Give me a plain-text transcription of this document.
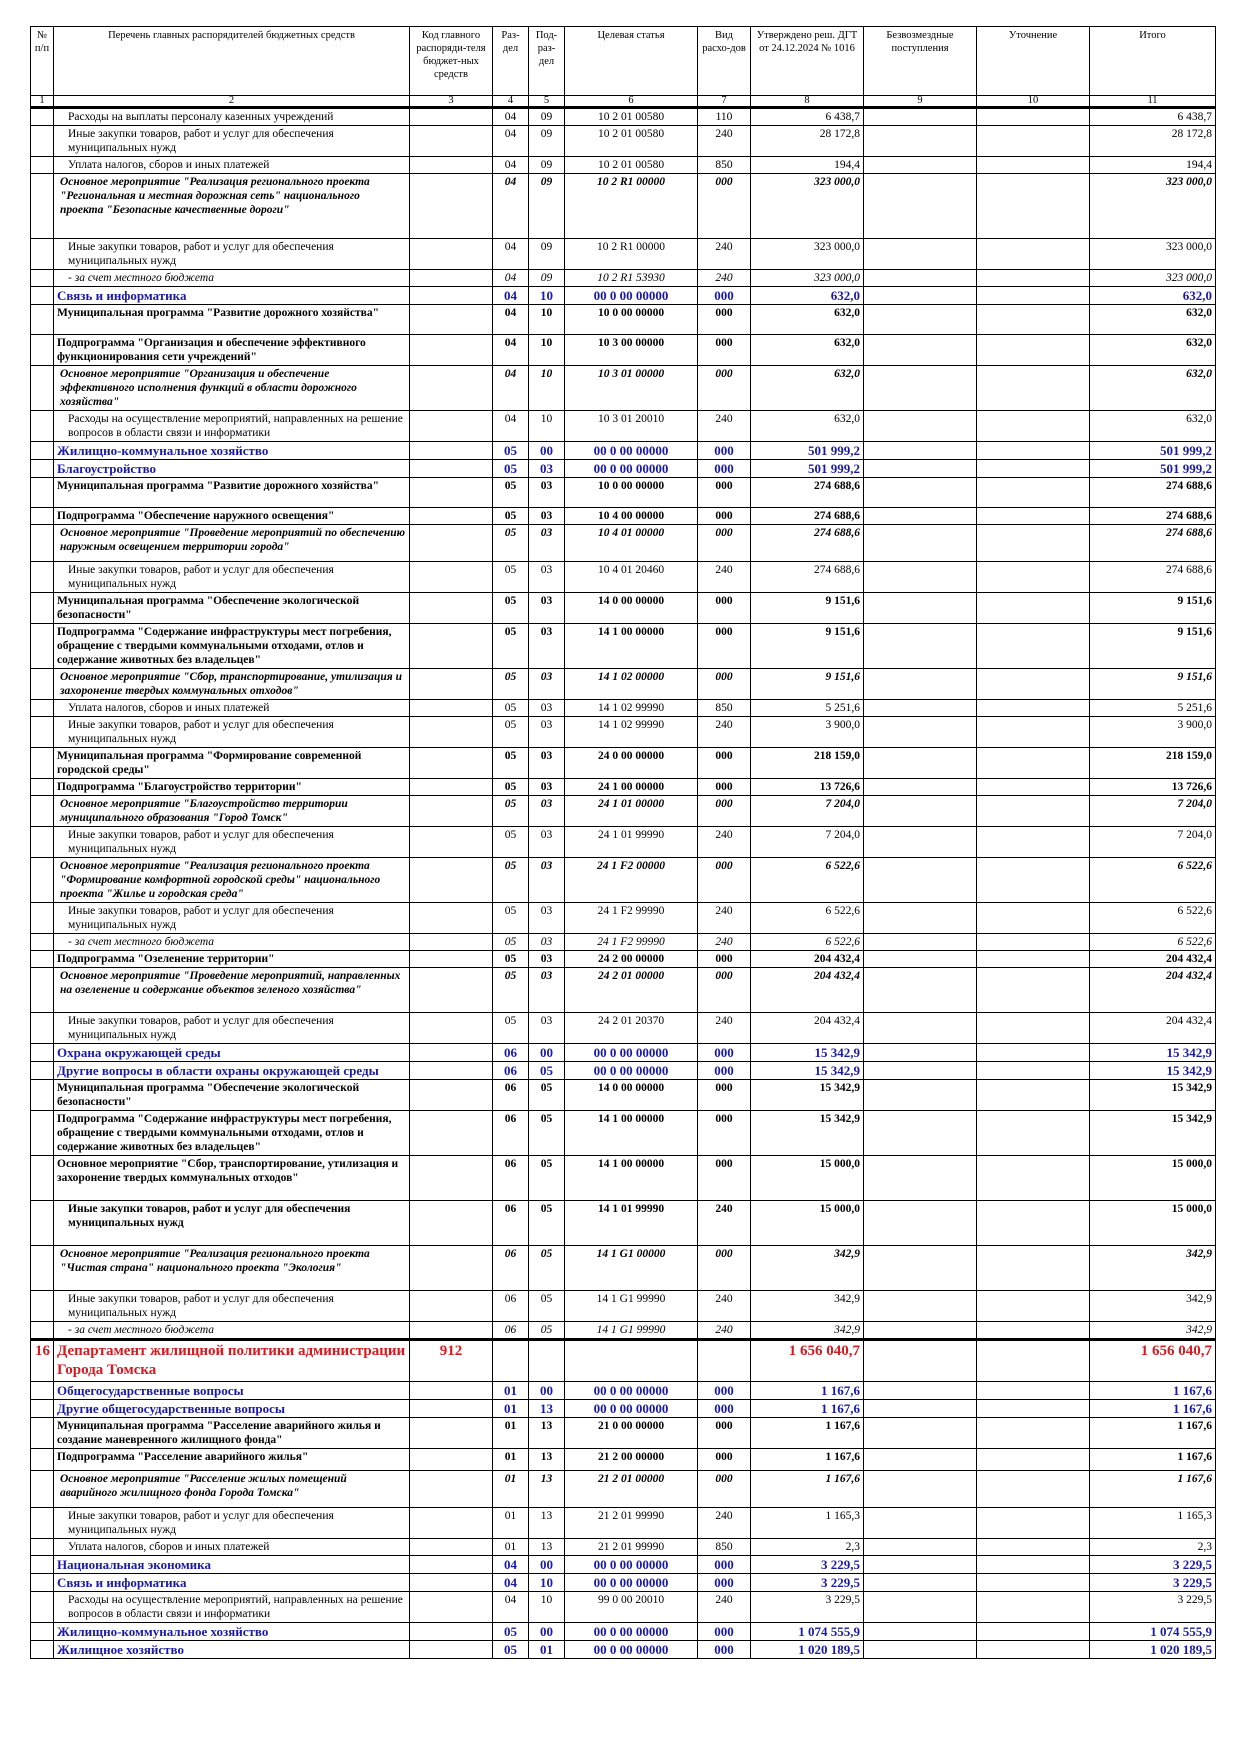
№ п/п	Перечень главных распорядителей бюджетных средств	Код главного распоряди-теля бюджет-ных средств	Раз-дел	Под-раз-дел	Целевая статья	Вид расхо-дов	Утверждено реш. ДГТ от 24.12.2024 № 1016	Безвозмездные поступления	Уточнение	Итого
1	2	3	4	5	6	7	8	9	10	11
	Расходы на выплаты персоналу казенных учреждений		04	09	10 2 01 00580	110	6 438,7			6 438,7
	Иные закупки товаров, работ и услуг для обеспечения муниципальных нужд		04	09	10 2 01 00580	240	28 172,8			28 172,8
	Уплата налогов, сборов и иных платежей		04	09	10 2 01 00580	850	194,4			194,4
	Основное мероприятие "Реализация регионального проекта "Региональная и местная дорожная сеть" национального проекта "Безопасные качественные дороги"		04	09	10 2 R1 00000	000	323 000,0			323 000,0
	Иные закупки товаров, работ и услуг для обеспечения муниципальных нужд		04	09	10 2 R1 00000	240	323 000,0			323 000,0
	- за счет местного бюджета		04	09	10 2 R1 53930	240	323 000,0			323 000,0
	Связь и информатика		04	10	00 0 00 00000	000	632,0			632,0
	Муниципальная программа "Развитие дорожного хозяйства"		04	10	10 0 00 00000	000	632,0			632,0
	Подпрограмма "Организация и обеспечение эффективного функционирования сети учреждений"		04	10	10 3 00 00000	000	632,0			632,0
	Основное мероприятие "Организация и обеспечение эффективного исполнения функций в области дорожного хозяйства"		04	10	10 3 01 00000	000	632,0			632,0
	Расходы на осуществление мероприятий, направленных на решение вопросов в области связи и информатики		04	10	10 3 01 20010	240	632,0			632,0
	Жилищно-коммунальное хозяйство		05	00	00 0 00 00000	000	501 999,2			501 999,2
	Благоустройство		05	03	00 0 00 00000	000	501 999,2			501 999,2
	Муниципальная программа "Развитие дорожного хозяйства"		05	03	10 0 00 00000	000	274 688,6			274 688,6
	Подпрограмма "Обеспечение наружного освещения"		05	03	10 4 00 00000	000	274 688,6			274 688,6
	Основное мероприятие "Проведение мероприятий по обеспечению наружным освещением территории города"		05	03	10 4 01 00000	000	274 688,6			274 688,6
	Иные закупки товаров, работ и услуг для обеспечения муниципальных нужд		05	03	10 4 01 20460	240	274 688,6			274 688,6
	Муниципальная программа "Обеспечение экологической безопасности"		05	03	14 0 00 00000	000	9 151,6			9 151,6
	Подпрограмма "Содержание инфраструктуры мест погребения, обращение с твердыми коммунальными отходами, отлов и содержание животных без владельцев"		05	03	14 1 00 00000	000	9 151,6			9 151,6
	Основное мероприятие "Сбор, транспортирование, утилизация и захоронение твердых коммунальных отходов"		05	03	14 1 02 00000	000	9 151,6			9 151,6
	Уплата налогов, сборов и иных платежей		05	03	14 1 02 99990	850	5 251,6			5 251,6
	Иные закупки товаров, работ и услуг для обеспечения муниципальных нужд		05	03	14 1 02 99990	240	3 900,0			3 900,0
	Муниципальная программа "Формирование современной городской среды"		05	03	24 0 00 00000	000	218 159,0			218 159,0
	Подпрограмма "Благоустройство территории"		05	03	24 1 00 00000	000	13 726,6			13 726,6
	Основное мероприятие "Благоустройство территории муниципального образования "Город Томск"		05	03	24 1 01 00000	000	7 204,0			7 204,0
	Иные закупки товаров, работ и услуг для обеспечения муниципальных нужд		05	03	24 1 01 99990	240	7 204,0			7 204,0
	Основное мероприятие "Реализация регионального проекта "Формирование комфортной городской среды" национального проекта "Жилье и городская среда"		05	03	24 1 F2 00000	000	6 522,6			6 522,6
	Иные закупки товаров, работ и услуг для обеспечения муниципальных нужд		05	03	24 1 F2 99990	240	6 522,6			6 522,6
	- за счет местного бюджета		05	03	24 1 F2 99990	240	6 522,6			6 522,6
	Подпрограмма "Озеленение территории"		05	03	24 2 00 00000	000	204 432,4			204 432,4
	Основное мероприятие "Проведение мероприятий, направленных на озеленение и содержание объектов зеленого хозяйства"		05	03	24 2 01 00000	000	204 432,4			204 432,4
	Иные закупки товаров, работ и услуг для обеспечения муниципальных нужд		05	03	24 2 01 20370	240	204 432,4			204 432,4
	Охрана окружающей среды		06	00	00 0 00 00000	000	15 342,9			15 342,9
	Другие вопросы в области охраны окружающей среды		06	05	00 0 00 00000	000	15 342,9			15 342,9
	Муниципальная программа "Обеспечение экологической безопасности"		06	05	14 0 00 00000	000	15 342,9			15 342,9
	Подпрограмма "Содержание инфраструктуры мест погребения, обращение с твердыми коммунальными отходами, отлов и содержание животных без владельцев"		06	05	14 1 00 00000	000	15 342,9			15 342,9
	Основное мероприятие "Сбор, транспортирование, утилизация и захоронение твердых коммунальных отходов"		06	05	14 1 00 00000	000	15 000,0			15 000,0
	Иные закупки товаров, работ и услуг для обеспечения муниципальных нужд		06	05	14 1 01 99990	240	15 000,0			15 000,0
	Основное мероприятие "Реализация регионального проекта "Чистая страна" национального проекта "Экология"		06	05	14 1 G1 00000	000	342,9			342,9
	Иные закупки товаров, работ и услуг для обеспечения муниципальных нужд		06	05	14 1 G1 99990	240	342,9			342,9
	- за счет местного бюджета		06	05	14 1 G1 99990	240	342,9			342,9
16	Департамент жилищной политики администрации Города Томска	912					1 656 040,7			1 656 040,7
	Общегосударственные вопросы		01	00	00 0 00 00000	000	1 167,6			1 167,6
	Другие общегосударственные вопросы		01	13	00 0 00 00000	000	1 167,6			1 167,6
	Муниципальная программа "Расселение аварийного жилья и создание маневренного жилищного фонда"		01	13	21 0 00 00000	000	1 167,6			1 167,6
	Подпрограмма "Расселение аварийного жилья"		01	13	21 2 00 00000	000	1 167,6			1 167,6
	Основное мероприятие "Расселение жилых помещений аварийного жилищного фонда Города Томска"		01	13	21 2 01 00000	000	1 167,6			1 167,6
	Иные закупки товаров, работ и услуг для обеспечения муниципальных нужд		01	13	21 2 01 99990	240	1 165,3			1 165,3
	Уплата налогов, сборов и иных платежей		01	13	21 2 01 99990	850	2,3			2,3
	Национальная экономика		04	00	00 0 00 00000	000	3 229,5			3 229,5
	Связь и информатика		04	10	00 0 00 00000	000	3 229,5			3 229,5
	Расходы на осуществление мероприятий, направленных на решение вопросов в области связи и информатики		04	10	99 0 00 20010	240	3 229,5			3 229,5
	Жилищно-коммунальное хозяйство		05	00	00 0 00 00000	000	1 074 555,9			1 074 555,9
	Жилищное хозяйство		05	01	00 0 00 00000	000	1 020 189,5			1 020 189,5
